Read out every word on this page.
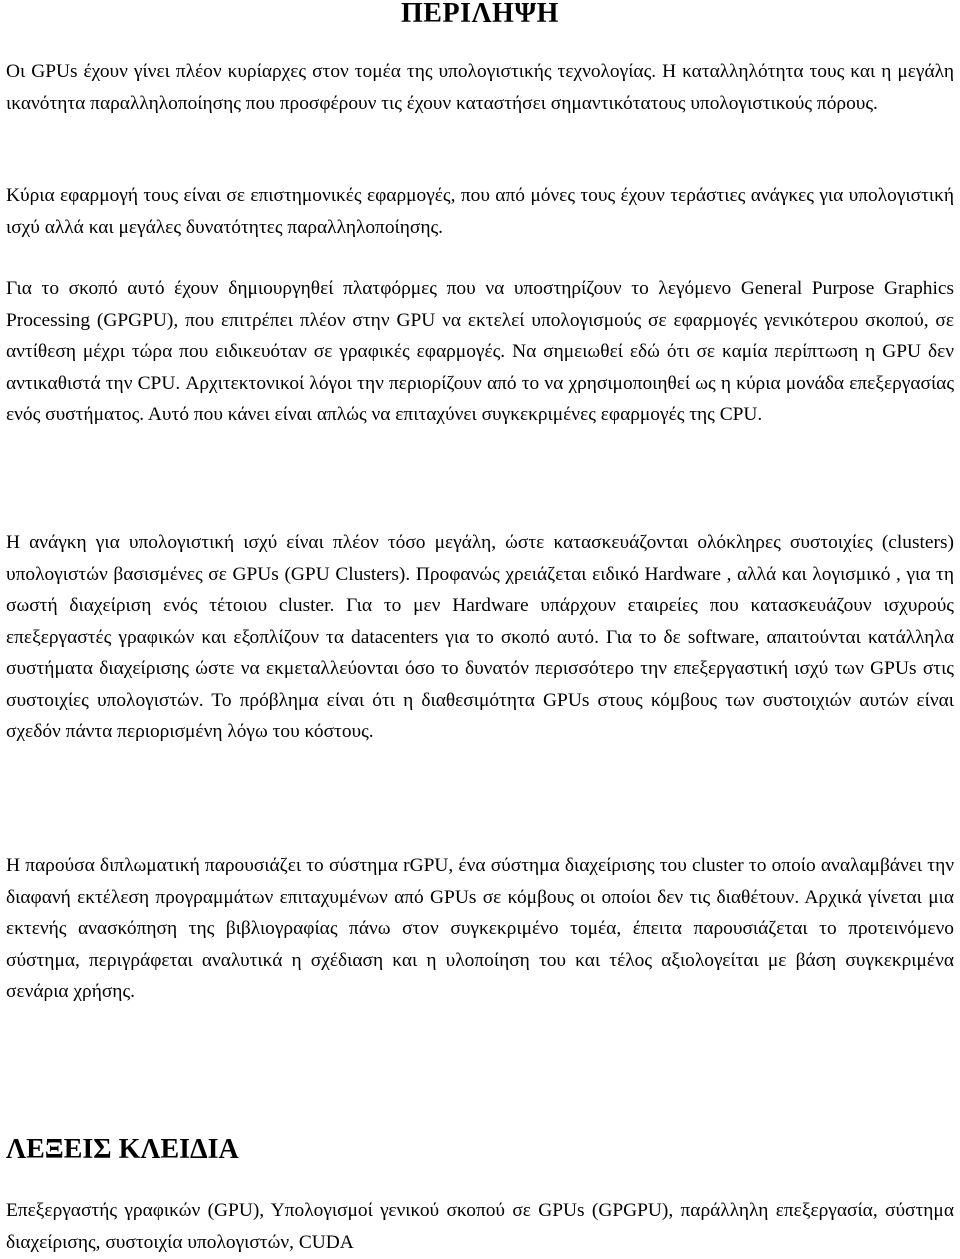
ΠΕΡΙΛΗΨΗ

Οι GPUs έχουν γίνει πλέον κυρίαρχες στον τομέα της υπολογιστικής τεχνολογίας. Η καταλληλότητα τους και η μεγάλη ικανότητα παραλληλοποίησης που προσφέρουν τις έχουν καταστήσει σημαντικότατους υπολογιστικούς πόρους.

Κύρια εφαρμογή τους είναι σε επιστημονικές εφαρμογές, που από μόνες τους έχουν τεράστιες ανάγκες για υπολογιστική ισχύ αλλά και μεγάλες δυνατότητες παραλληλοποίησης.

Για το σκοπό αυτό έχουν δημιουργηθεί πλατφόρμες που να υποστηρίζουν το λεγόμενο General Purpose Graphics Processing (GPGPU), που επιτρέπει πλέον στην GPU να εκτελεί υπολογισμούς σε εφαρμογές γενικότερου σκοπού, σε αντίθεση μέχρι τώρα που ειδικευόταν σε γραφικές εφαρμογές. Να σημειωθεί εδώ ότι σε καμία περίπτωση η GPU δεν αντικαθιστά την CPU. Αρχιτεκτονικοί λόγοι την περιορίζουν από το να χρησιμοποιηθεί ως η κύρια μονάδα επεξεργασίας ενός συστήματος. Αυτό που κάνει είναι απλώς να επιταχύνει συγκεκριμένες εφαρμογές της CPU.

Η ανάγκη για υπολογιστική ισχύ είναι πλέον τόσο μεγάλη, ώστε κατασκευάζονται ολόκληρες συστοιχίες (clusters) υπολογιστών βασισμένες σε GPUs (GPU Clusters). Προφανώς χρειάζεται ειδικό Hardware , αλλά και λογισμικό , για τη σωστή διαχείριση ενός τέτοιου cluster. Για το μεν Hardware υπάρχουν εταιρείες που κατασκευάζουν ισχυρούς επεξεργαστές γραφικών και εξοπλίζουν τα datacenters για το σκοπό αυτό. Για το δε software, απαιτούνται κατάλληλα συστήματα διαχείρισης ώστε να εκμεταλλεύονται όσο το δυνατόν περισσότερο την επεξεργαστική ισχύ των GPUs στις συστοιχίες υπολογιστών. Το πρόβλημα είναι ότι η διαθεσιμότητα GPUs στους κόμβους των συστοιχιών αυτών είναι σχεδόν πάντα περιορισμένη λόγω του κόστους.

Η παρούσα διπλωματική παρουσιάζει το σύστημα rGPU, ένα σύστημα διαχείρισης του cluster το οποίο αναλαμβάνει την διαφανή εκτέλεση προγραμμάτων επιταχυμένων από GPUs σε κόμβους οι οποίοι δεν τις διαθέτουν. Αρχικά γίνεται μια εκτενής ανασκόπηση της βιβλιογραφίας πάνω στον συγκεκριμένο τομέα, έπειτα παρουσιάζεται το προτεινόμενο σύστημα, περιγράφεται αναλυτικά η σχέδιαση και η υλοποίηση του και τέλος αξιολογείται με βάση συγκεκριμένα σενάρια χρήσης.

ΛΕΞΕΙΣ ΚΛΕΙΔΙΑ

Επεξεργαστής γραφικών (GPU), Υπολογισμοί γενικού σκοπού σε GPUs (GPGPU), παράλληλη επεξεργασία, σύστημα διαχείρισης, συστοιχία υπολογιστών, CUDA
